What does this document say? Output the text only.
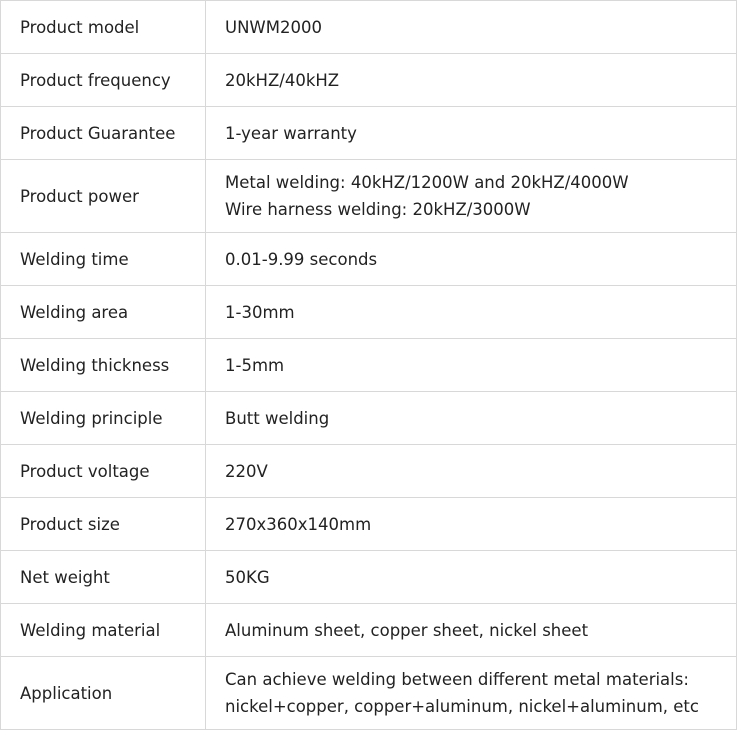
Product model	UNWM2000

Product frequency	20kHZ/40kHZ

Product Guarantee	1-year warranty

Product power	Metal welding: 40kHZ/1200W and 20kHZ/4000W
Wire harness welding: 20kHZ/3000W

Welding time	0.01-9.99 seconds

Welding area	1-30mm

Welding thickness	1-5mm

Welding principle	Butt welding

Product voltage	220V

Product size	270x360x140mm

Net weight	50KG

Welding material	Aluminum sheet, copper sheet, nickel sheet

Application	Can achieve welding between different metal materials:
nickel+copper, copper+aluminum, nickel+aluminum, etc
